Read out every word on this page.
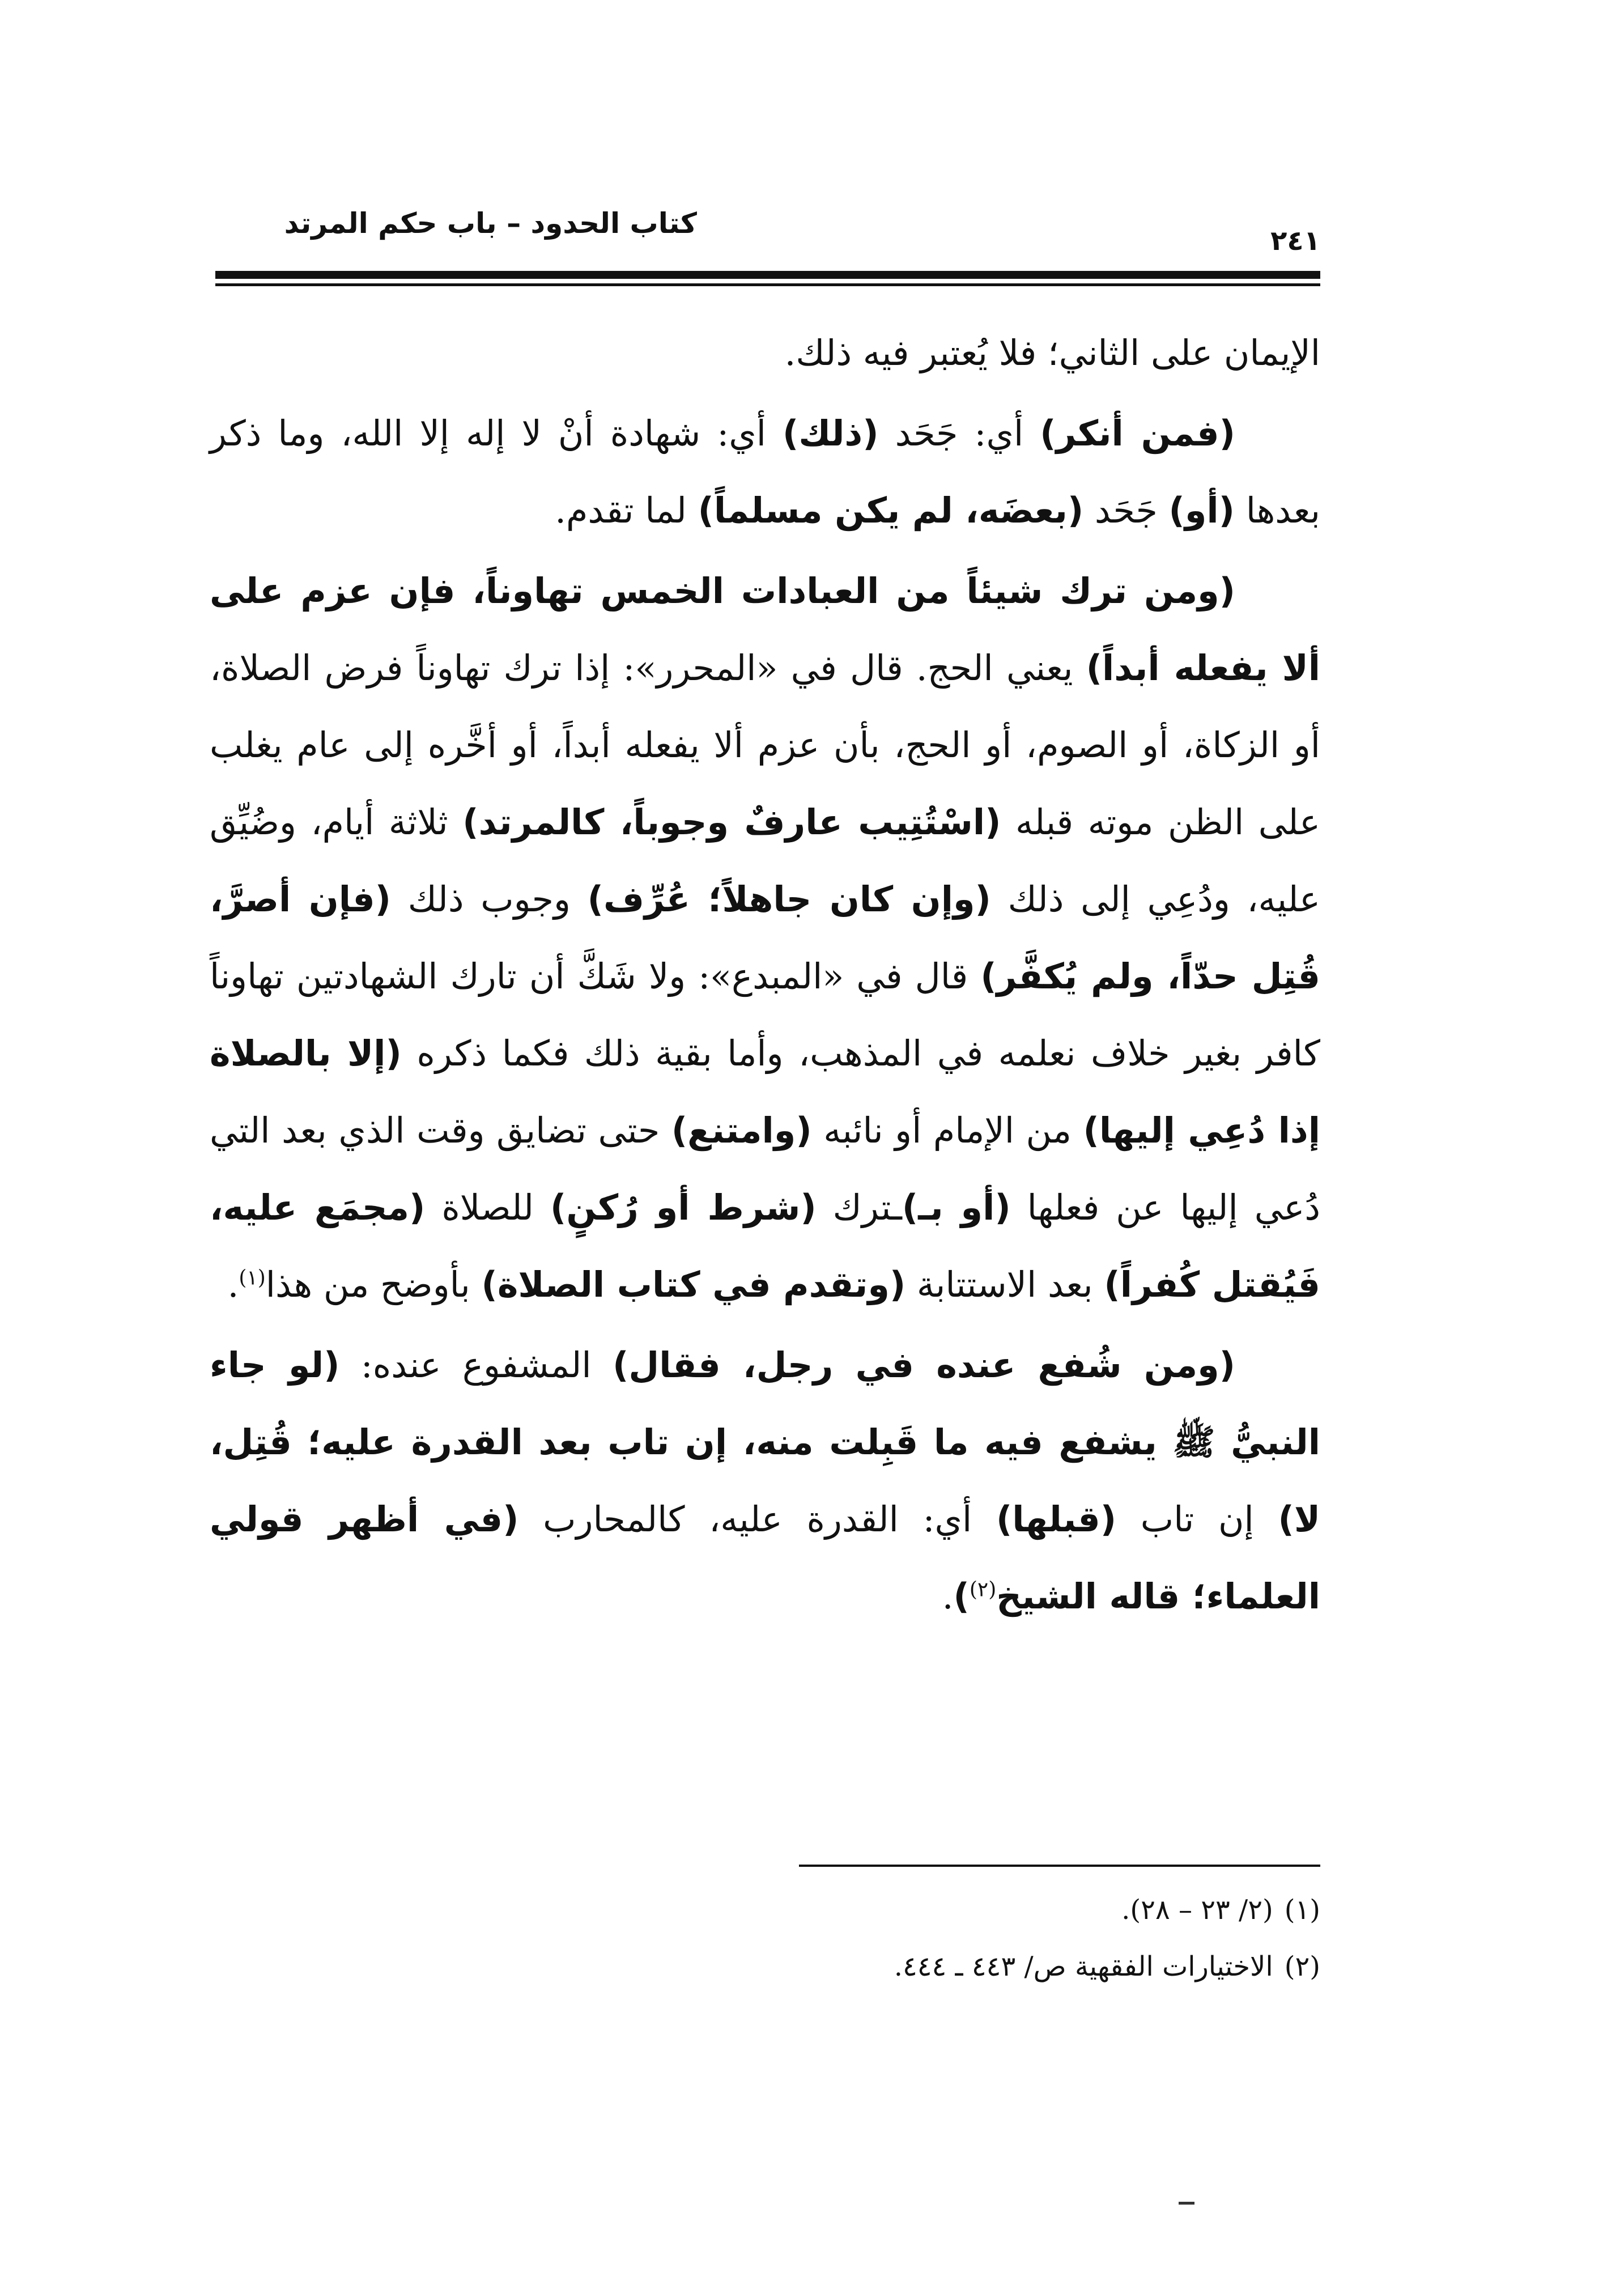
كتاب الحدود – باب حكم المرتد
٢٤١

الإيمان على الثاني؛ فلا يُعتبر فيه ذلك.

(فمن أنكر) أي: جَحَد (ذلك) أي: شهادة أنْ لا إله إلا الله، وما ذكر بعدها (أو) جَحَد (بعضَه، لم يكن مسلماً) لما تقدم.

(ومن ترك شيئاً من العبادات الخمس تهاوناً، فإن عزم على ألا يفعله أبداً) يعني الحج. قال في «المحرر»: إذا ترك تهاوناً فرض الصلاة، أو الزكاة، أو الصوم، أو الحج، بأن عزم ألا يفعله أبداً، أو أخَّره إلى عام يغلب على الظن موته قبله (اسْتُتِيب عارفٌ وجوباً، كالمرتد) ثلاثة أيام، وضُيِّق عليه، ودُعِي إلى ذلك (وإن كان جاهلاً؛ عُرِّف) وجوب ذلك (فإن أصرَّ، قُتِل حدّاً، ولم يُكفَّر) قال في «المبدع»: ولا شَكَّ أن تارك الشهادتين تهاوناً كافر بغير خلاف نعلمه في المذهب، وأما بقية ذلك فكما ذكره (إلا بالصلاة إذا دُعِي إليها) من الإمام أو نائبه (وامتنع) حتى تضايق وقت الذي بعد التي دُعي إليها عن فعلها (أو بـ)ـترك (شرط أو رُكنٍ) للصلاة (مجمَع عليه، فَيُقتل كُفراً) بعد الاستتابة (وتقدم في كتاب الصلاة) بأوضح من هذا$^{(١)}$.

(ومن شُفع عنده في رجل، فقال) المشفوع عنده: (لو جاء النبيُّ ﷺ يشفع فيه ما قَبِلت منه، إن تاب بعد القدرة عليه؛ قُتِل، لا) إن تاب (قبلها) أي: القدرة عليه، كالمحارب (في أظهر قولي العلماء؛ قاله الشيخ$^{(٢)}$).

(١)(٢/ ٢٣ – ٢٨).
(٢)الاختيارات الفقهية ص/ ٤٤٣ ـ ٤٤٤.
